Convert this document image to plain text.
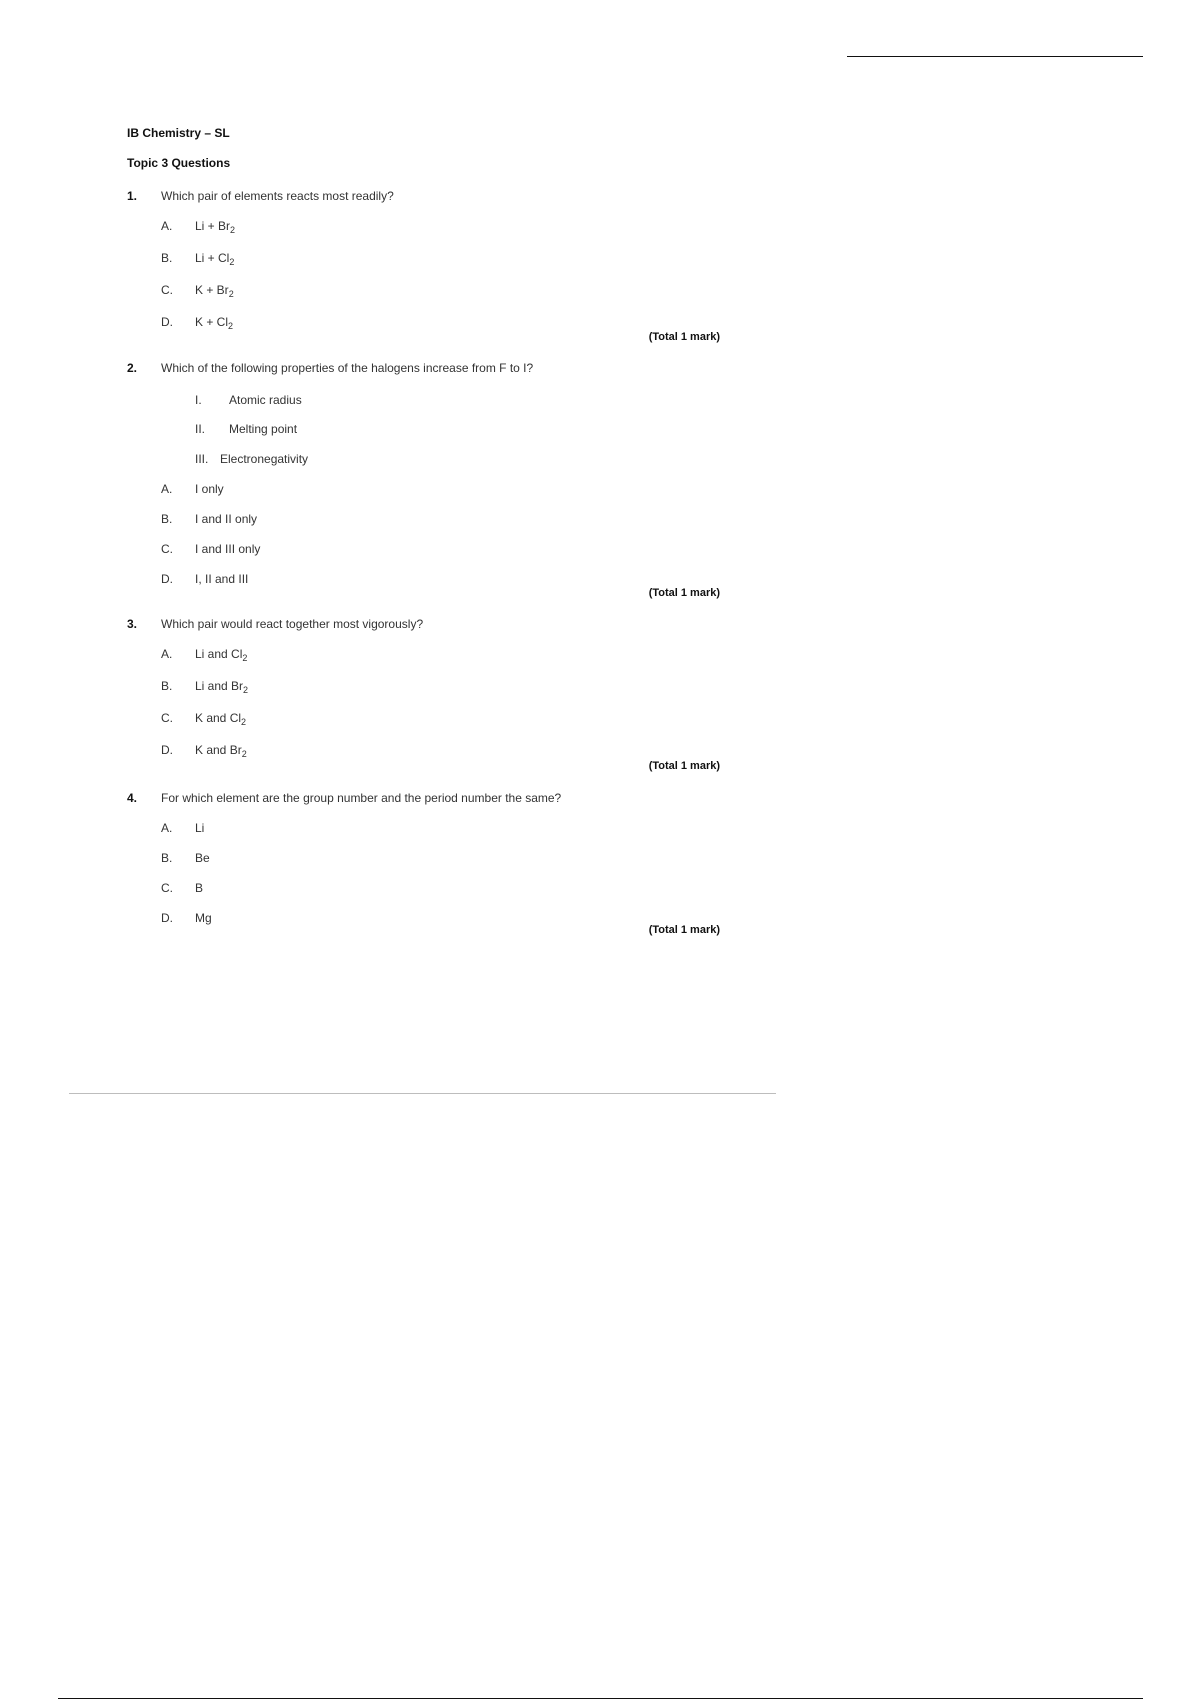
IB Chemistry – SL
Topic 3 Questions
1. Which pair of elements reacts most readily?
A. $Li + Br_2$
B. $Li + Cl_2$
C. $K + Br_2$
D. $K + Cl_2$
(Total 1 mark)
2. Which of the following properties of the halogens increase from F to I?
I. Atomic radius
II. Melting point
III. Electronegativity
A. I only
B. I and II only
C. I and III only
D. I, II and III
(Total 1 mark)
3. Which pair would react together most vigorously?
A. Li and $Cl_2$
B. Li and $Br_2$
C. K and $Cl_2$
D. K and $Br_2$
(Total 1 mark)
4. For which element are the group number and the period number the same?
A. Li
B. Be
C. B
D. Mg
(Total 1 mark)
